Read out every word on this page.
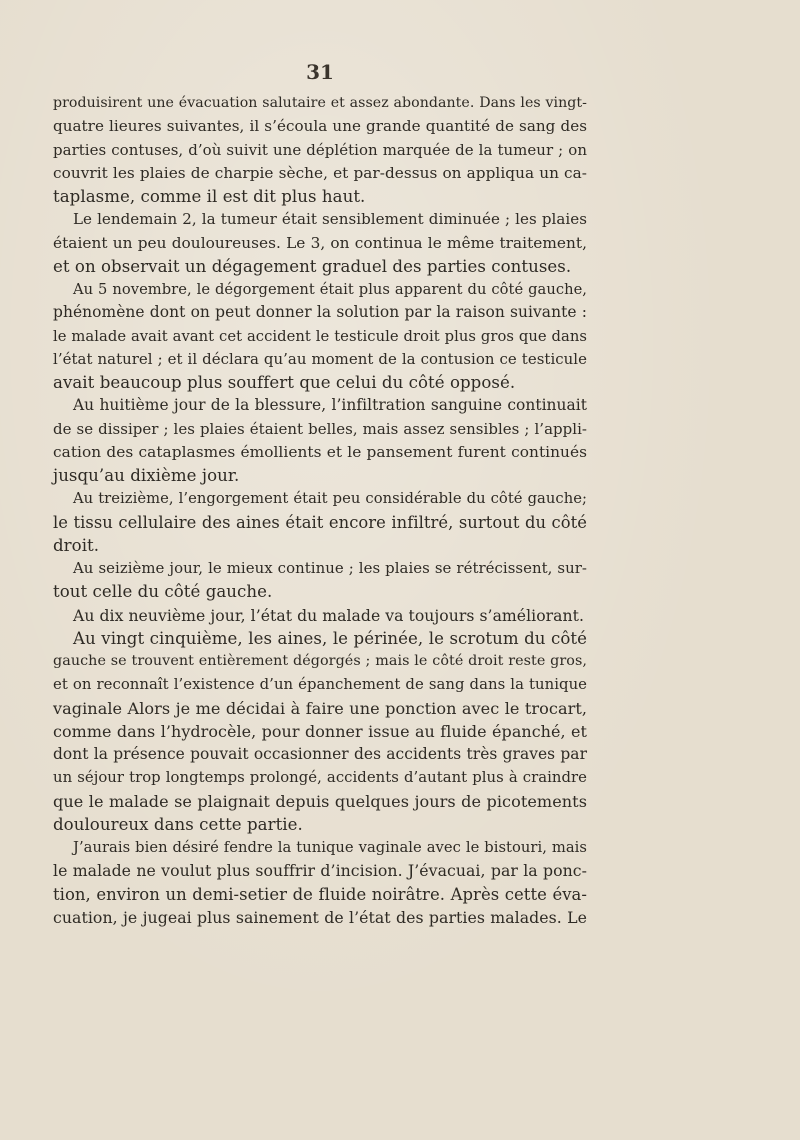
31
produisirent une évacuation salutaire et assez abondante. Dans les vingt-
quatre lieures suivantes, il s’écoula une grande quantité de sang des
parties contuses, d’où suivit une déplétion marquée de la tumeur ; on
couvrit les plaies de charpie sèche, et par-dessus on appliqua un ca-
taplasme, comme il est dit plus haut.
Le lendemain 2, la tumeur était sensiblement diminuée ; les plaies
étaient un peu douloureuses. Le 3, on continua le même traitement,
et on observait un dégagement graduel des parties contuses.
Au 5 novembre, le dégorgement était plus apparent du côté gauche,
phénomène dont on peut donner la solution par la raison suivante :
le malade avait avant cet accident le testicule droit plus gros que dans
l’état naturel ; et il déclara qu’au moment de la contusion ce testicule
avait beaucoup plus souffert que celui du côté opposé.
Au huitième jour de la blessure, l’infiltration sanguine continuait
de se dissiper ; les plaies étaient belles, mais assez sensibles ; l’appli-
cation des cataplasmes émollients et le pansement furent continués
jusqu’au dixième jour.
Au treizième, l’engorgement était peu considérable du côté gauche;
le tissu cellulaire des aines était encore infiltré, surtout du côté
droit.
Au seizième jour, le mieux continue ; les plaies se rétrécissent, sur-
tout celle du côté gauche.
Au dix neuvième jour, l’état du malade va toujours s’améliorant.
Au vingt cinquième, les aines, le périnée, le scrotum du côté
gauche se trouvent entièrement dégorgés ; mais le côté droit reste gros,
et on reconnaît l’existence d’un épanchement de sang dans la tunique
vaginale Alors je me décidai à faire une ponction avec le trocart,
comme dans l’hydrocèle, pour donner issue au fluide épanché, et
dont la présence pouvait occasionner des accidents très graves par
un séjour trop longtemps prolongé, accidents d’autant plus à craindre
que le malade se plaignait depuis quelques jours de picotements
douloureux dans cette partie.
J’aurais bien désiré fendre la tunique vaginale avec le bistouri, mais
le malade ne voulut plus souffrir d’incision. J’évacuai, par la ponc-
tion, environ un demi-setier de fluide noirâtre. Après cette éva-
cuation, je jugeai plus sainement de l’état des parties malades. Le
